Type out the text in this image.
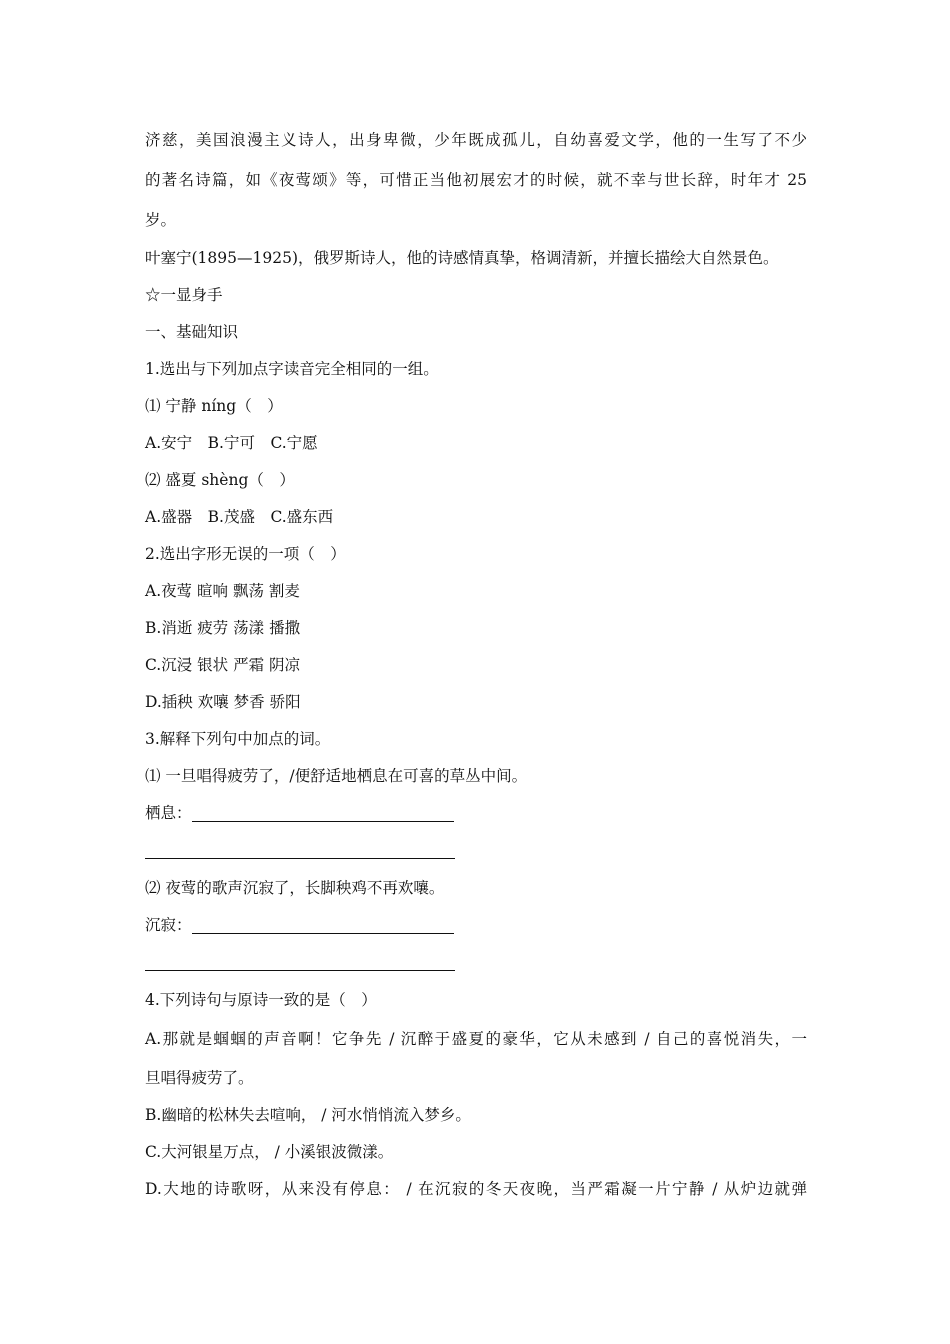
济慈，美国浪漫主义诗人，出身卑微，少年既成孤儿，自幼喜爱文学，他的一生写了不少
的著名诗篇，如《夜莺颂》等，可惜正当他初展宏才的时候，就不幸与世长辞，时年才 25
岁。
叶塞宁(1895—1925)，俄罗斯诗人，他的诗感情真挚，格调清新，并擅长描绘大自然景色。
☆一显身手
一、基础知识
1.选出与下列加点字读音完全相同的一组。
⑴ 宁静 níng（　）
A.安宁　B.宁可　C.宁愿
⑵ 盛夏 shèng（　）
A.盛器　B.茂盛　C.盛东西
2.选出字形无误的一项（　）
A.夜莺 暄响 飘荡 割麦
B.消逝 疲劳 荡漾 播撒
C.沉浸 银状 严霜 阴凉
D.插秧 欢嚷 梦香 骄阳
3.解释下列句中加点的词。
⑴ 一旦唱得疲劳了，/便舒适地栖息在可喜的草丛中间。
栖息：
⑵ 夜莺的歌声沉寂了，长脚秧鸡不再欢嚷。
沉寂：
4.下列诗句与原诗一致的是（　）
A.那就是蝈蝈的声音啊！它争先 / 沉醉于盛夏的豪华，它从未感到 / 自己的喜悦消失，一
旦唱得疲劳了。
B.幽暗的松林失去喧响， / 河水悄悄流入梦乡。
C.大河银星万点， / 小溪银波微漾。
D.大地的诗歌呀，从来没有停息： / 在沉寂的冬天夜晚，当严霜凝一片宁静 / 从炉边就弹
